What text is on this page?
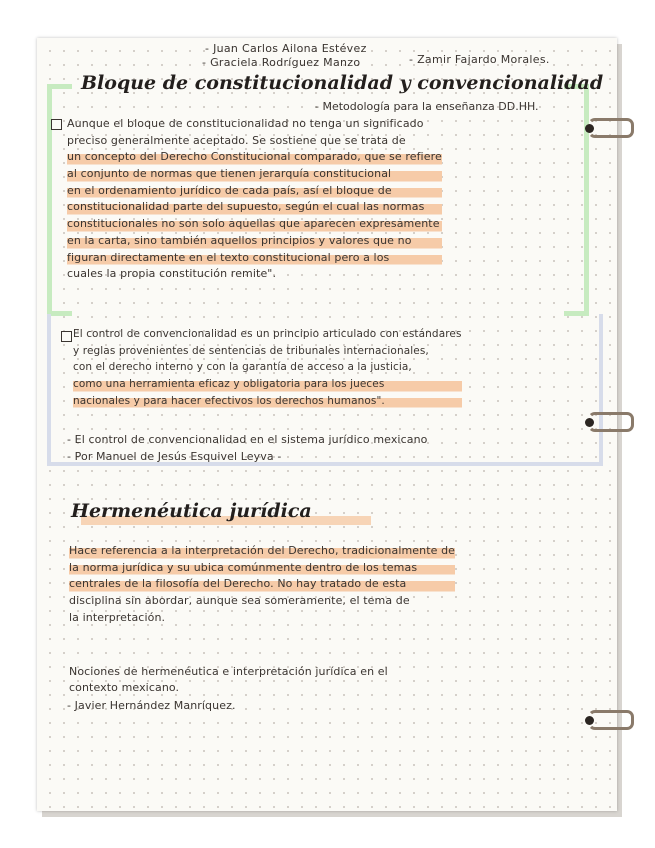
- Juan Carlos Ailona Estévez
- Graciela Rodríguez Manzo	- Zamir Fajardo Morales.
Bloque de constitucionalidad y convencionalidad
- Metodología para la enseñanza DD.HH.
Aunque el bloque de constitucionalidad no tenga un significado
preciso generalmente aceptado. Se sostiene que se trata de
un concepto del Derecho Constitucional comparado, que se refiere
al conjunto de normas que tienen jerarquía constitucional
en el ordenamiento jurídico de cada país, así el bloque de
constitucionalidad parte del supuesto, según el cual las normas
constitucionales no son solo aquellas que aparecen expresamente
en la carta, sino también aquellos principios y valores que no
figuran directamente en el texto constitucional pero a los
cuales la propia constitución remite".
El control de convencionalidad es un principio articulado con estándares
y reglas provenientes de sentencias de tribunales internacionales,
con el derecho interno y con la garantía de acceso a la justicia,
como una herramienta eficaz y obligatoria para los jueces
nacionales y para hacer efectivos los derechos humanos".
- El control de convencionalidad en el sistema jurídico mexicano
- Por Manuel de Jesús Esquivel Leyva -
Hermenéutica jurídica
Hace referencia a la interpretación del Derecho, tradicionalmente de
la norma jurídica y su ubica comúnmente dentro de los temas
centrales de la filosofía del Derecho. No hay tratado de esta
disciplina sin abordar, aunque sea someramente, el tema de
la interpretación.
Nociones de hermenéutica e interpretación jurídica en el
contexto mexicano.
- Javier Hernández Manríquez.
